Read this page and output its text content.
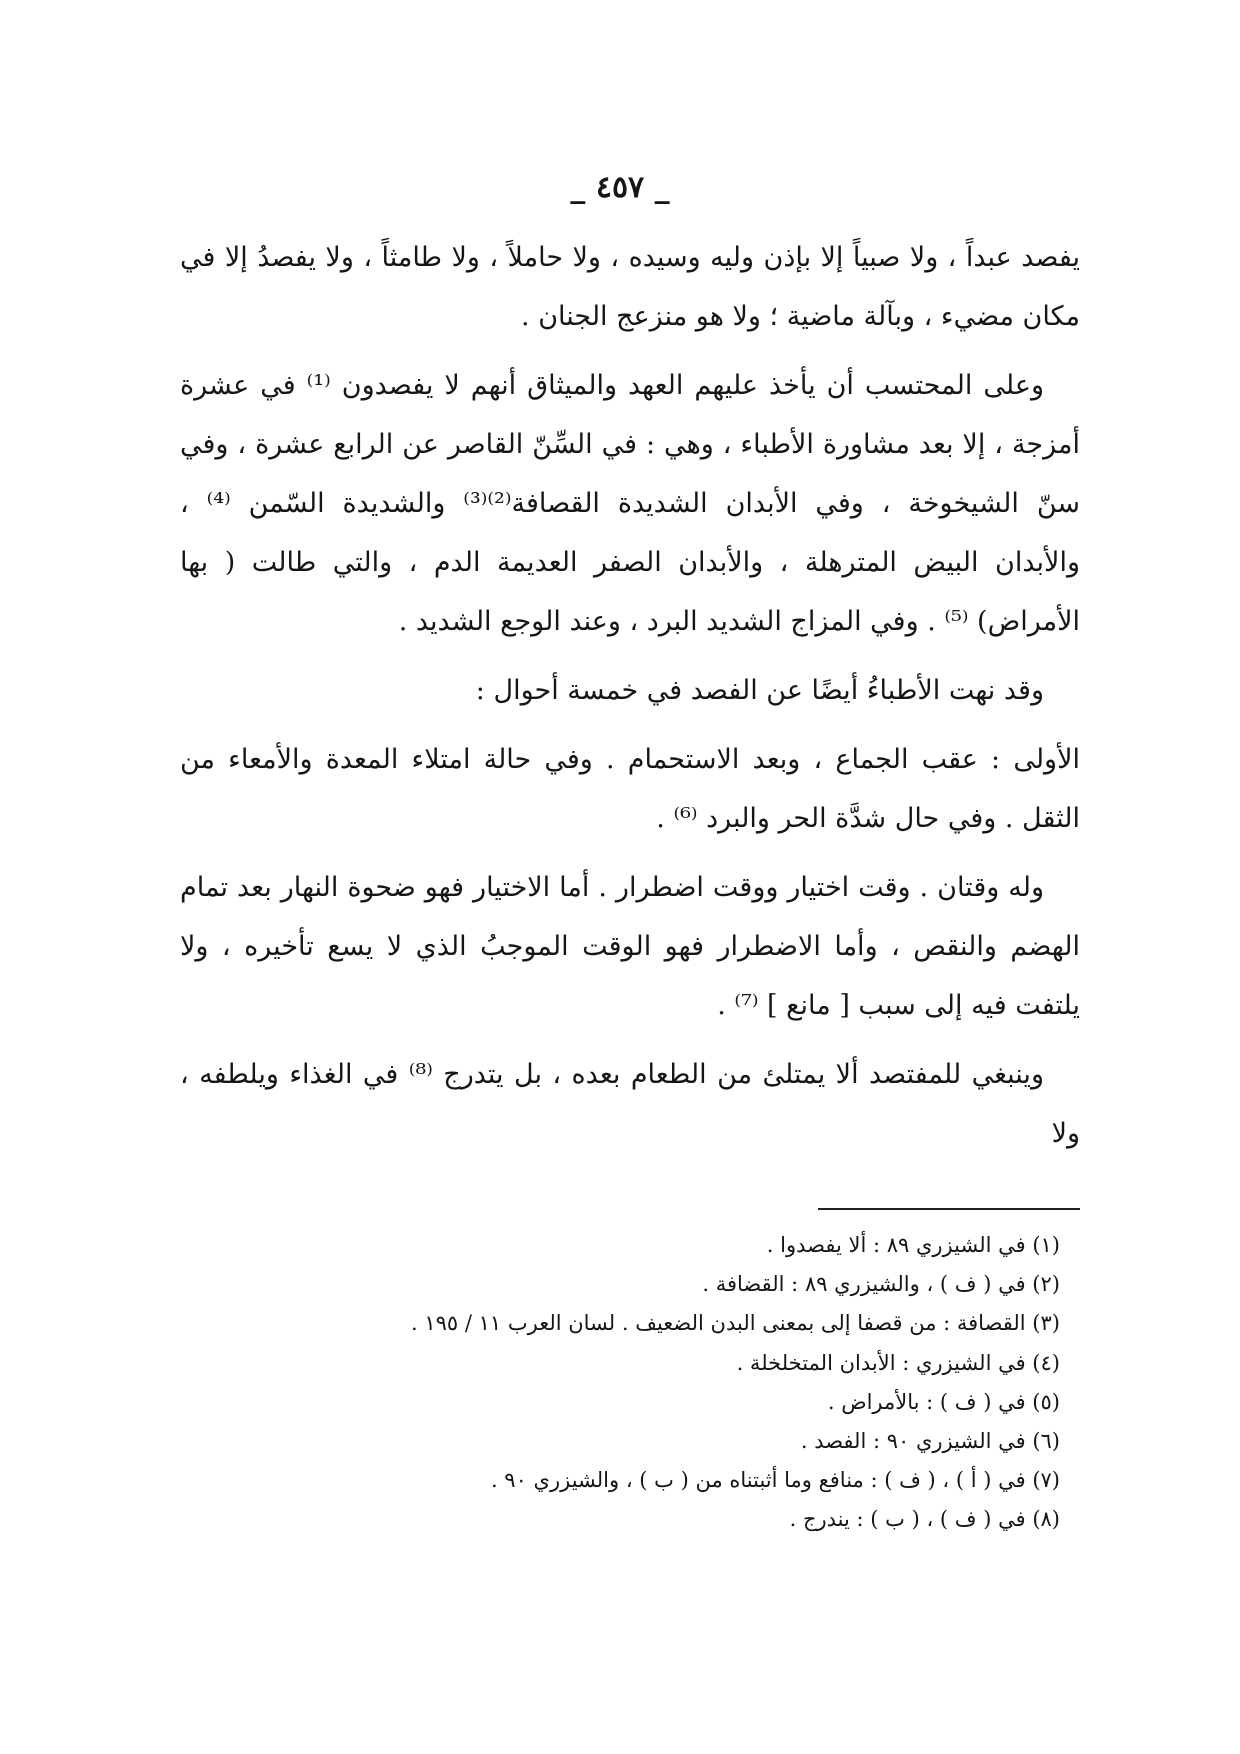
_ ٤٥٧ _

يفصد عبداً ، ولا صبياً إلا بإذن وليه وسيده ، ولا حاملاً ، ولا طامثاً ، ولا يفصدُ إلا في مكان مضيء ، وبآلة ماضية ؛ ولا هو منزعج الجنان .

وعلى المحتسب أن يأخذ عليهم العهد والميثاق أنهم لا يفصدون ⁽¹⁾ في عشرة أمزجة ، إلا بعد مشاورة الأطباء ، وهي : في السِّنّ القاصر عن الرابع عشرة ، وفي سنّ الشيخوخة ، وفي الأبدان الشديدة القصافة⁽²⁾⁽³⁾ والشديدة السّمن ⁽⁴⁾ ، والأبدان البيض المترهلة ، والأبدان الصفر العديمة الدم ، والتي طالت ( بها الأمراض) ⁽⁵⁾ . وفي المزاج الشديد البرد ، وعند الوجع الشديد .

وقد نهت الأطباءُ أيضًا عن الفصد في خمسة أحوال :

الأولى : عقب الجماع ، وبعد الاستحمام . وفي حالة امتلاء المعدة والأمعاء من الثقل . وفي حال شدَّة الحر والبرد ⁽⁶⁾ .

وله وقتان . وقت اختيار ووقت اضطرار . أما الاختيار فهو ضحوة النهار بعد تمام الهضم والنقص ، وأما الاضطرار فهو الوقت الموجبُ الذي لا يسع تأخيره ، ولا يلتفت فيه إلى سبب [ مانع ] ⁽⁷⁾ .

وينبغي للمفتصد ألا يمتلئ من الطعام بعده ، بل يتدرج ⁽⁸⁾ في الغذاء ويلطفه ، ولا

(١) في الشيزري ٨٩ : ألا يفصدوا .
(٢) في ( ف ) ، والشيزري ٨٩ : القضافة .
(٣) القصافة : من قصفا إلى بمعنى البدن الضعيف . لسان العرب ١١ / ١٩٥ .
(٤) في الشيزري : الأبدان المتخلخلة .
(٥) في ( ف ) : بالأمراض .
(٦) في الشيزري ٩٠ : الفصد .
(٧) في ( أ ) ، ( ف ) : منافع وما أثبتناه من ( ب ) ، والشيزري ٩٠ .
(٨) في ( ف ) ، ( ب ) : يندرج .
